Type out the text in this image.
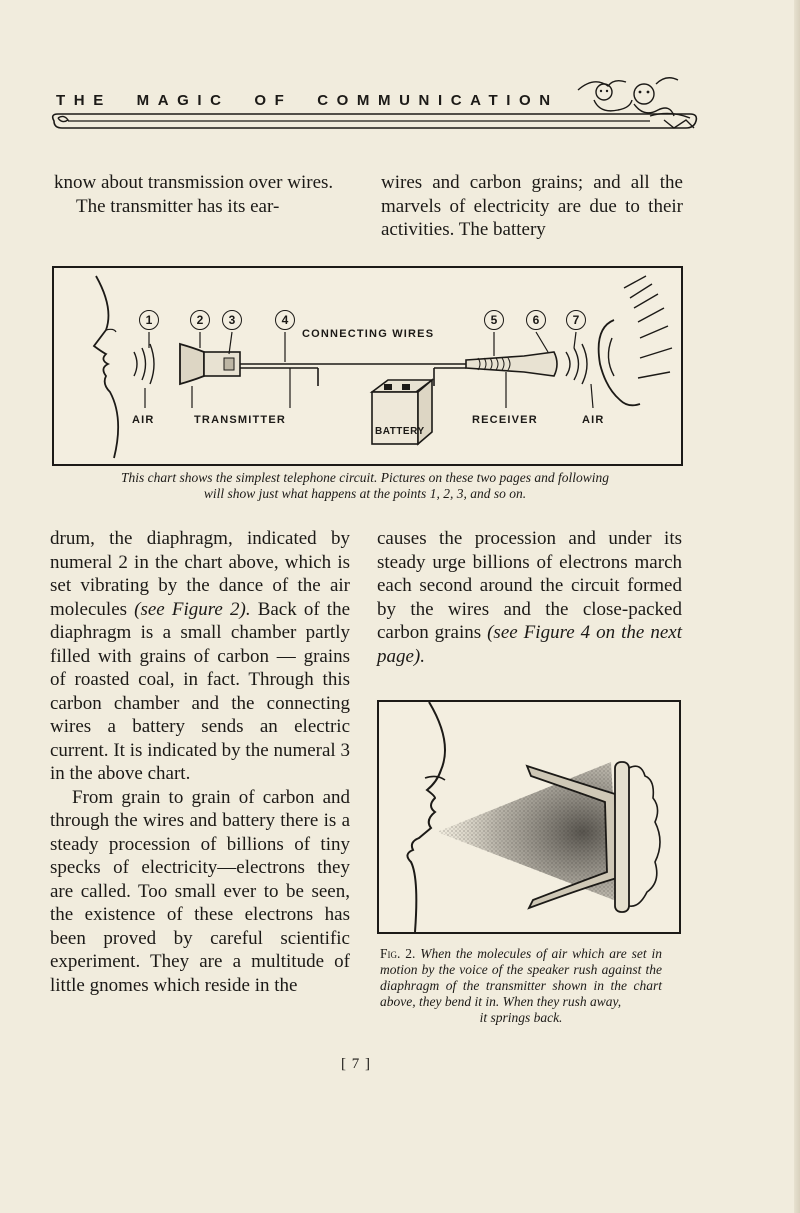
THE MAGIC OF COMMUNICATION

know about transmission over wires.

The transmitter has its ear-

wires and carbon grains; and all the marvels of electricity are due to their activities. The battery

1	2	3	4	5	6	7
CONNECTING WIRES
AIR	TRANSMITTER
BATTERY
RECEIVER	AIR
This chart shows the simplest telephone circuit. Pictures on these two pages and following
will show just what happens at the points 1, 2, 3, and so on.

drum, the diaphragm, indicated by numeral 2 in the chart above, which is set vibrating by the dance of the air molecules (see Figure 2). Back of the diaphragm is a small chamber partly filled with grains of carbon — grains of roasted coal, in fact. Through this carbon chamber and the connecting wires a battery sends an electric current. It is indicated by the numeral 3 in the above chart.

From grain to grain of carbon and through the wires and battery there is a steady procession of billions of tiny specks of electricity—electrons they are called. Too small ever to be seen, the existence of these electrons has been proved by careful scientific experiment. They are a multitude of little gnomes which reside in the

causes the procession and under its steady urge billions of electrons march each second around the circuit formed by the wires and the close-packed carbon grains (see Figure 4 on the next page).

Fig. 2. When the molecules of air which are set in motion by the voice of the speaker rush against the diaphragm of the transmitter shown in the chart above, they bend it in. When they rush away,
it springs back.
[ 7 ]
